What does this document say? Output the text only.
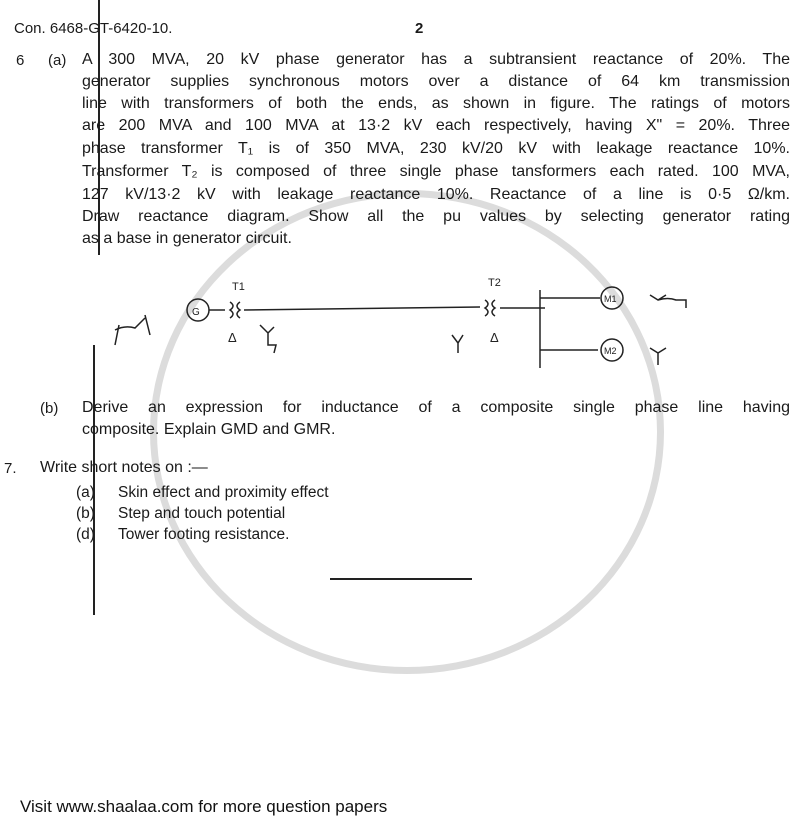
Con. 6468-GT-6420-10.	2
6 (a) A 300 MVA, 20 kV phase generator has a subtransient reactance of 20%. The
generator supplies synchronous motors over a distance of 64 km transmission
line with transformers of both the ends, as shown in figure. The ratings of motors
are 200 MVA and 100 MVA at 13·2 kV each respectively, having X" = 20%. Three
phase transformer T₁ is of 350 MVA, 230 kV/20 kV with leakage reactance 10%.
Transformer T₂ is composed of three single phase tansformers each rated. 100 MVA,
127 kV/13·2 kV with leakage reactance 10%. Reactance of a line is 0·5 Ω/km.
Draw reactance diagram. Show all the pu values by selecting generator rating
as a base in generator circuit.
G
T1	T2
M1
M2
Δ	Δ
(b) Derive an expression for inductance of a composite single phase line having
composite. Explain GMD and GMR.
7. Write short notes on :—
(a) Skin effect and proximity effect
(b) Step and touch potential
(d) Tower footing resistance.
Visit www.shaalaa.com for more question papers
